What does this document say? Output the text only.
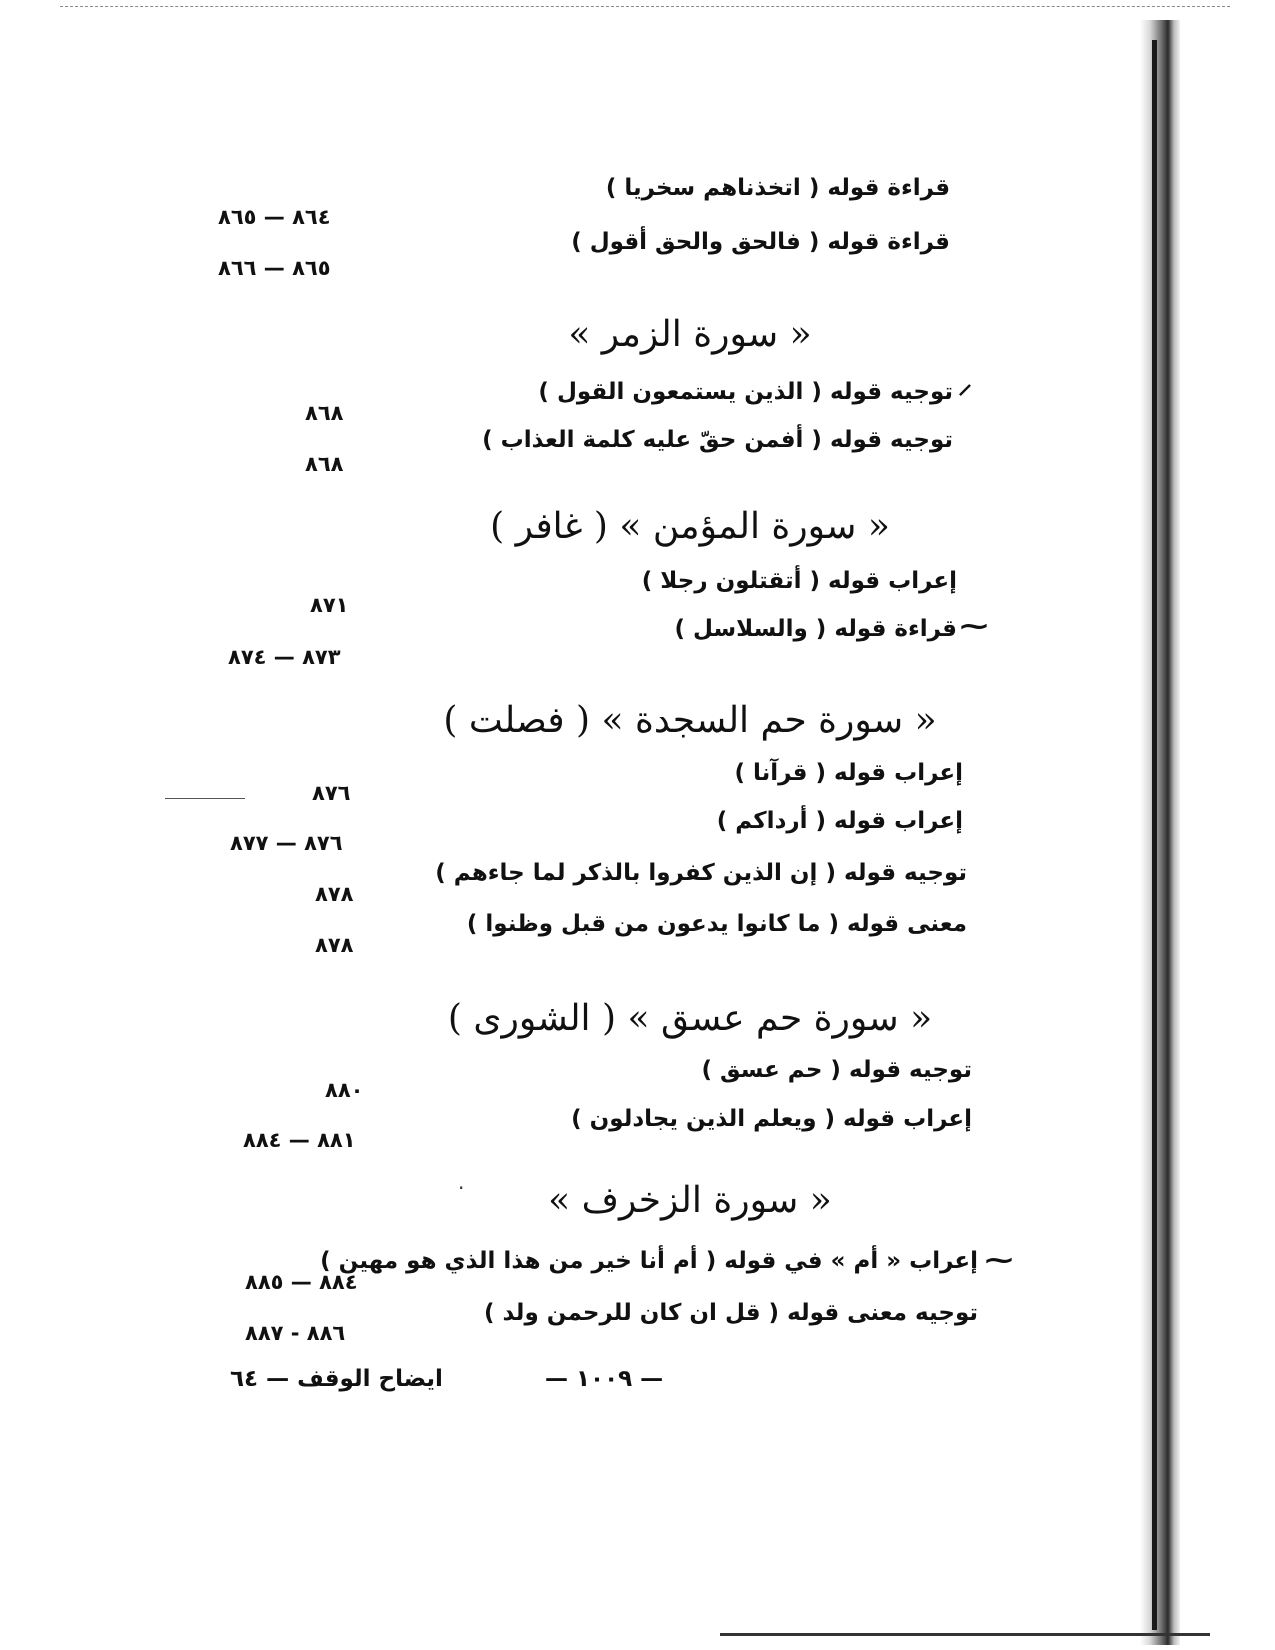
قراءة قوله ( اتخذناهم سخريا )
٨٦٤ — ٨٦٥
قراءة قوله ( فالحق والحق أقول )
٨٦٥ — ٨٦٦
« سورة الزمر »
توجيه قوله ( الذين يستمعون القول ) ⸝
٨٦٨
توجيه قوله ( أفمن حقّ عليه كلمة العذاب )
٨٦٨
« سورة المؤمن » ( غافر )
إعراب قوله ( أتقتلون رجلا )
٨٧١
قراءة قوله ( والسلاسل ) ⁓
٨٧٣ — ٨٧٤
« سورة حم السجدة » ( فصلت )
إعراب قوله ( قرآنا )
٨٧٦
إعراب قوله ( أرداكم )
٨٧٦ — ٨٧٧
توجيه قوله ( إن الذين كفروا بالذكر لما جاءهم )
٨٧٨
معنى قوله ( ما كانوا يدعون من قبل وظنوا )
٨٧٨
« سورة حم عسق » ( الشورى )
توجيه قوله ( حم عسق )
٨٨٠
إعراب قوله ( ويعلم الذين يجادلون )
٨٨١ — ٨٨٤
·	« سورة الزخرف »
إعراب « أم » في قوله ( أم أنا خير من هذا الذي هو مهين ) ⁓
٨٨٤ — ٨٨٥
توجيه معنى قوله ( قل ان كان للرحمن ولد )
٨٨٦ - ٨٨٧
— ١٠٠٩ —
ايضاح الوقف — ٦٤
